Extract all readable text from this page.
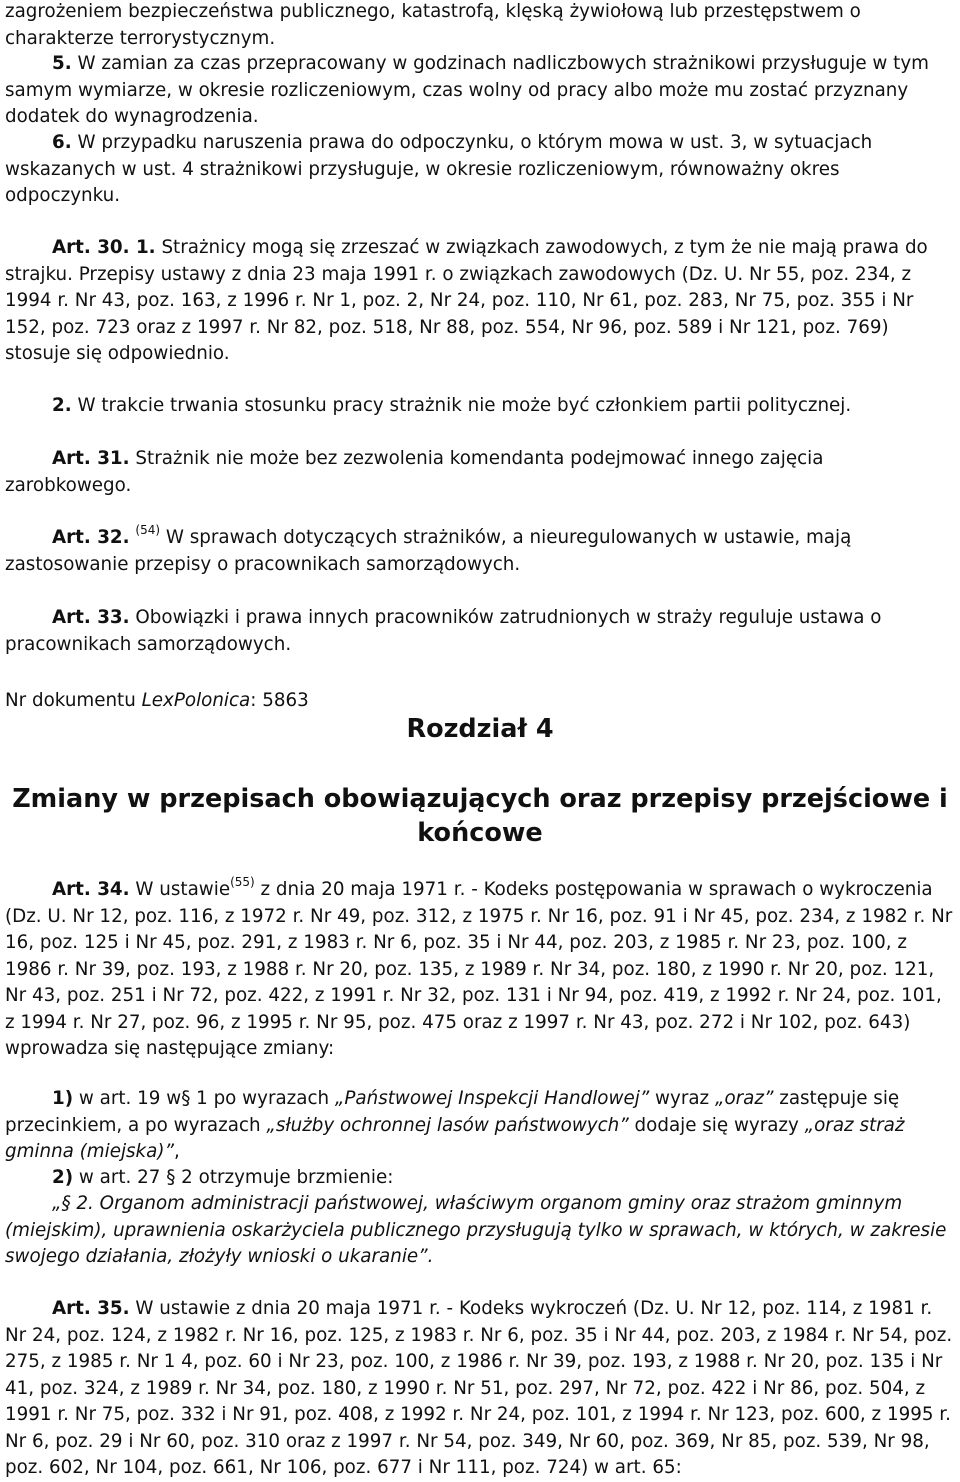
zagrożeniem bezpieczeństwa publicznego, katastrofą, klęską żywiołową lub przestępstwem o charakterze terrorystycznym.

5. W zamian za czas przepracowany w godzinach nadliczbowych strażnikowi przysługuje w tym samym wymiarze, w okresie rozliczeniowym, czas wolny od pracy albo może mu zostać przyznany dodatek do wynagrodzenia.

6. W przypadku naruszenia prawa do odpoczynku, o którym mowa w ust. 3, w sytuacjach wskazanych w ust. 4 strażnikowi przysługuje, w okresie rozliczeniowym, równoważny okres odpoczynku.

Art. 30. 1. Strażnicy mogą się zrzeszać w związkach zawodowych, z tym że nie mają prawa do strajku. Przepisy ustawy z dnia 23 maja 1991 r. o związkach zawodowych (Dz. U. Nr 55, poz. 234, z 1994 r. Nr 43, poz. 163, z 1996 r. Nr 1, poz. 2, Nr 24, poz. 110, Nr 61, poz. 283, Nr 75, poz. 355 i Nr 152, poz. 723 oraz z 1997 r. Nr 82, poz. 518, Nr 88, poz. 554, Nr 96, poz. 589 i Nr 121, poz. 769) stosuje się odpowiednio.

2. W trakcie trwania stosunku pracy strażnik nie może być członkiem partii politycznej.

Art. 31. Strażnik nie może bez zezwolenia komendanta podejmować innego zajęcia zarobkowego.

Art. 32. $^{(54)}$ W sprawach dotyczących strażników, a nieuregulowanych w ustawie, mają zastosowanie przepisy o pracownikach samorządowych.

Art. 33. Obowiązki i prawa innych pracowników zatrudnionych w straży reguluje ustawa o pracownikach samorządowych.

Nr dokumentu LexPolonica: 5863

Rozdział 4
Zmiany w przepisach obowiązujących oraz przepisy przejściowe i końcowe

Art. 34. W ustawie$^{(55)}$ z dnia 20 maja 1971 r. - Kodeks postępowania w sprawach o wykroczenia (Dz. U. Nr 12, poz. 116, z 1972 r. Nr 49, poz. 312, z 1975 r. Nr 16, poz. 91 i Nr 45, poz. 234, z 1982 r. Nr 16, poz. 125 i Nr 45, poz. 291, z 1983 r. Nr 6, poz. 35 i Nr 44, poz. 203, z 1985 r. Nr 23, poz. 100, z 1986 r. Nr 39, poz. 193, z 1988 r. Nr 20, poz. 135, z 1989 r. Nr 34, poz. 180, z 1990 r. Nr 20, poz. 121, Nr 43, poz. 251 i Nr 72, poz. 422, z 1991 r. Nr 32, poz. 131 i Nr 94, poz. 419, z 1992 r. Nr 24, poz. 101, z 1994 r. Nr 27, poz. 96, z 1995 r. Nr 95, poz. 475 oraz z 1997 r. Nr 43, poz. 272 i Nr 102, poz. 643) wprowadza się następujące zmiany:

1) w art. 19 w§ 1 po wyrazach „Państwowej Inspekcji Handlowej” wyraz „oraz” zastępuje się przecinkiem, a po wyrazach „służby ochronnej lasów państwowych” dodaje się wyrazy „oraz straż gminna (miejska)”,

2) w art. 27 § 2 otrzymuje brzmienie:

„§ 2. Organom administracji państwowej, właściwym organom gminy oraz strażom gminnym (miejskim), uprawnienia oskarżyciela publicznego przysługują tylko w sprawach, w których, w zakresie swojego działania, złożyły wnioski o ukaranie”.

Art. 35. W ustawie z dnia 20 maja 1971 r. - Kodeks wykroczeń (Dz. U. Nr 12, poz. 114, z 1981 r. Nr 24, poz. 124, z 1982 r. Nr 16, poz. 125, z 1983 r. Nr 6, poz. 35 i Nr 44, poz. 203, z 1984 r. Nr 54, poz. 275, z 1985 r. Nr 1 4, poz. 60 i Nr 23, poz. 100, z 1986 r. Nr 39, poz. 193, z 1988 r. Nr 20, poz. 135 i Nr 41, poz. 324, z 1989 r. Nr 34, poz. 180, z 1990 r. Nr 51, poz. 297, Nr 72, poz. 422 i Nr 86, poz. 504, z 1991 r. Nr 75, poz. 332 i Nr 91, poz. 408, z 1992 r. Nr 24, poz. 101, z 1994 r. Nr 123, poz. 600, z 1995 r. Nr 6, poz. 29 i Nr 60, poz. 310 oraz z 1997 r. Nr 54, poz. 349, Nr 60, poz. 369, Nr 85, poz. 539, Nr 98, poz. 602, Nr 104, poz. 661, Nr 106, poz. 677 i Nr 111, poz. 724) w art. 65:
